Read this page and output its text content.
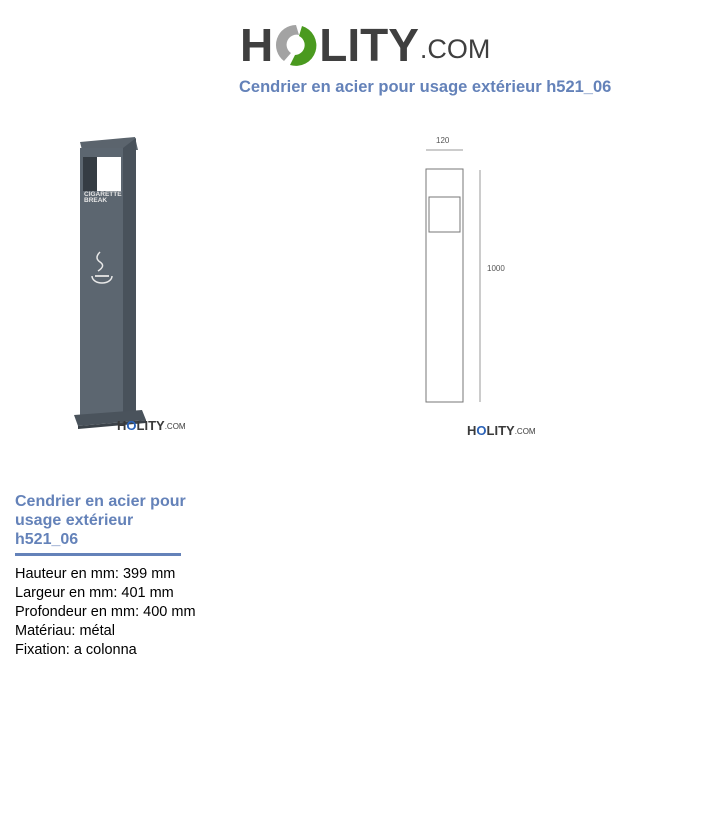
H LITY .COM
Cendrier en acier pour usage extérieur h521_06
CIGARETTE
BREAK
H O LITY .COM
120
1000
H O LITY .COM
Cendrier en acier pour usage extérieur h521_06
Hauteur en mm: 399 mm
Largeur en mm: 401 mm
Profondeur en mm: 400 mm
Matériau: métal
Fixation: a colonna
